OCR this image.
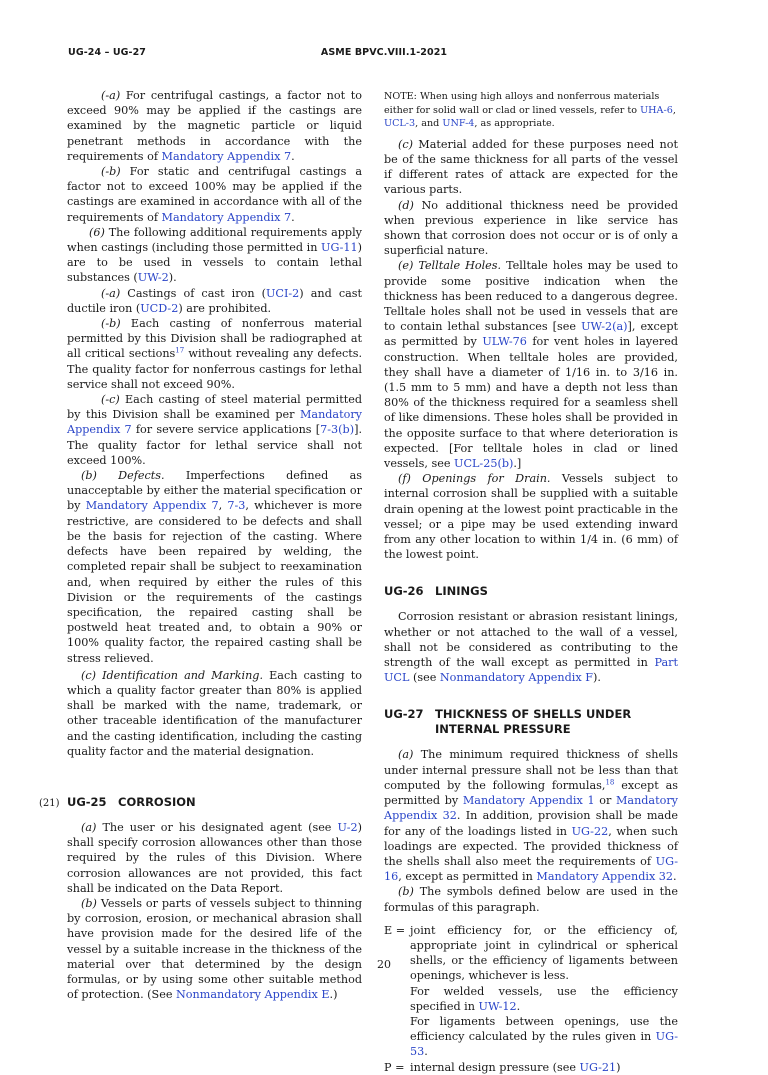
UG-24 – UG-27	ASME BPVC.VIII.1-2021

(-a) For centrifugal castings, a factor not to exceed 90% may be applied if the castings are examined by the magnetic particle or liquid penetrant methods in accordance with the requirements of Mandatory Appendix 7.

(-b) For static and centrifugal castings a factor not to exceed 100% may be applied if the castings are examined in accordance with all of the requirements of Mandatory Appendix 7.

(6) The following additional requirements apply when castings (including those permitted in UG-11) are to be used in vessels to contain lethal substances (UW-2).

(-a) Castings of cast iron (UCI-2) and cast ductile iron (UCD-2) are prohibited.

(-b) Each casting of nonferrous material permitted by this Division shall be radiographed at all critical sections$^{17}$ without revealing any defects. The quality factor for nonferrous castings for lethal service shall not exceed 90%.

(-c) Each casting of steel material permitted by this Division shall be examined per Mandatory Appendix 7 for severe service applications [7-3(b)]. The quality factor for lethal service shall not exceed 100%.

(b) Defects. Imperfections defined as unacceptable by either the material specification or by Mandatory Appendix 7, 7-3, whichever is more restrictive, are considered to be defects and shall be the basis for rejection of the casting. Where defects have been repaired by welding, the completed repair shall be subject to reexamination and, when required by either the rules of this Division or the requirements of the castings specification, the repaired casting shall be postweld heat treated and, to obtain a 90% or 100% quality factor, the repaired casting shall be stress relieved.

(c) Identification and Marking. Each casting to which a quality factor greater than 80% is applied shall be marked with the name, trademark, or other traceable identification of the manufacturer and the casting identification, including the casting quality factor and the material designation.

(21) UG-25 CORROSION

(a) The user or his designated agent (see U-2) shall specify corrosion allowances other than those required by the rules of this Division. Where corrosion allowances are not provided, this fact shall be indicated on the Data Report.

(b) Vessels or parts of vessels subject to thinning by corrosion, erosion, or mechanical abrasion shall have provision made for the desired life of the vessel by a suitable increase in the thickness of the material over that determined by the design formulas, or by using some other suitable method of protection. (See Nonmandatory Appendix E.)

NOTE: When using high alloys and nonferrous materials either for solid wall or clad or lined vessels, refer to UHA-6, UCL-3, and UNF-4, as appropriate.

(c) Material added for these purposes need not be of the same thickness for all parts of the vessel if different rates of attack are expected for the various parts.

(d) No additional thickness need be provided when previous experience in like service has shown that corrosion does not occur or is of only a superficial nature.

(e) Telltale Holes. Telltale holes may be used to provide some positive indication when the thickness has been reduced to a dangerous degree. Telltale holes shall not be used in vessels that are to contain lethal substances [see UW-2(a)], except as permitted by ULW-76 for vent holes in layered construction. When telltale holes are provided, they shall have a diameter of 1/16 in. to 3/16 in. (1.5 mm to 5 mm) and have a depth not less than 80% of the thickness required for a seamless shell of like dimensions. These holes shall be provided in the opposite surface to that where deterioration is expected. [For telltale holes in clad or lined vessels, see UCL-25(b).]

(f) Openings for Drain. Vessels subject to internal corrosion shall be supplied with a suitable drain opening at the lowest point practicable in the vessel; or a pipe may be used extending inward from any other location to within 1/4 in. (6 mm) of the lowest point.

UG-26 LININGS

Corrosion resistant or abrasion resistant linings, whether or not attached to the wall of a vessel, shall not be considered as contributing to the strength of the wall except as permitted in Part UCL (see Nonmandatory Appendix F).

UG-27 THICKNESS OF SHELLS UNDER INTERNAL PRESSURE

(a) The minimum required thickness of shells under internal pressure shall not be less than that computed by the following formulas,$^{18}$ except as permitted by Mandatory Appendix 1 or Mandatory Appendix 32. In addition, provision shall be made for any of the loadings listed in UG-22, when such loadings are expected. The provided thickness of the shells shall also meet the requirements of UG-16, except as permitted in Mandatory Appendix 32.

(b) The symbols defined below are used in the formulas of this paragraph.

E = joint efficiency for, or the efficiency of, appropriate joint in cylindrical or spherical shells, or the efficiency of ligaments between openings, whichever is less.
For welded vessels, use the efficiency specified in UW-12.
For ligaments between openings, use the efficiency calculated by the rules given in UG-53.
P = internal design pressure (see UG-21)
20
